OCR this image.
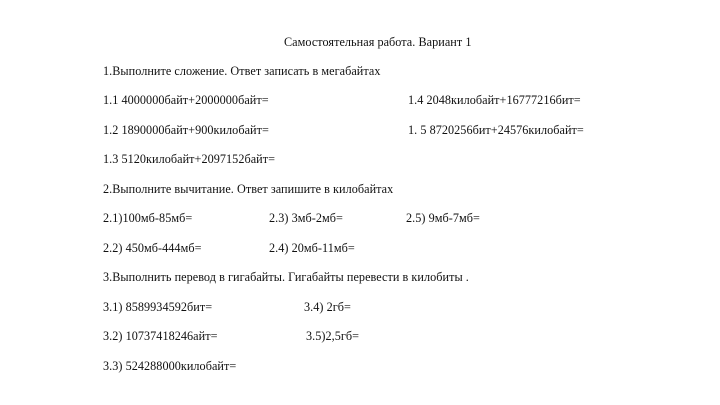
Самостоятельная работа. Вариант 1
1.Выполните сложение. Ответ записать в мегабайтах
1.1 4000000байт+2000000байт=	1.4 2048килобайт+16777216бит=
1.2 1890000байт+900килобайт=	1. 5 8720256бит+24576килобайт=
1.3 5120килобайт+2097152байт=
2.Выполните вычитание. Ответ запишите в килобайтах
2.1)100мб-85мб=	2.3) 3мб-2мб=	2.5) 9мб-7мб=
2.2) 450мб-444мб=	2.4) 20мб-11мб=
3.Выполнить перевод в гигабайты. Гигабайты перевести в килобиты .
3.1) 8589934592бит=	3.4) 2гб=
3.2) 10737418246айт=	3.5)2,5гб=
3.3) 524288000килобайт=
